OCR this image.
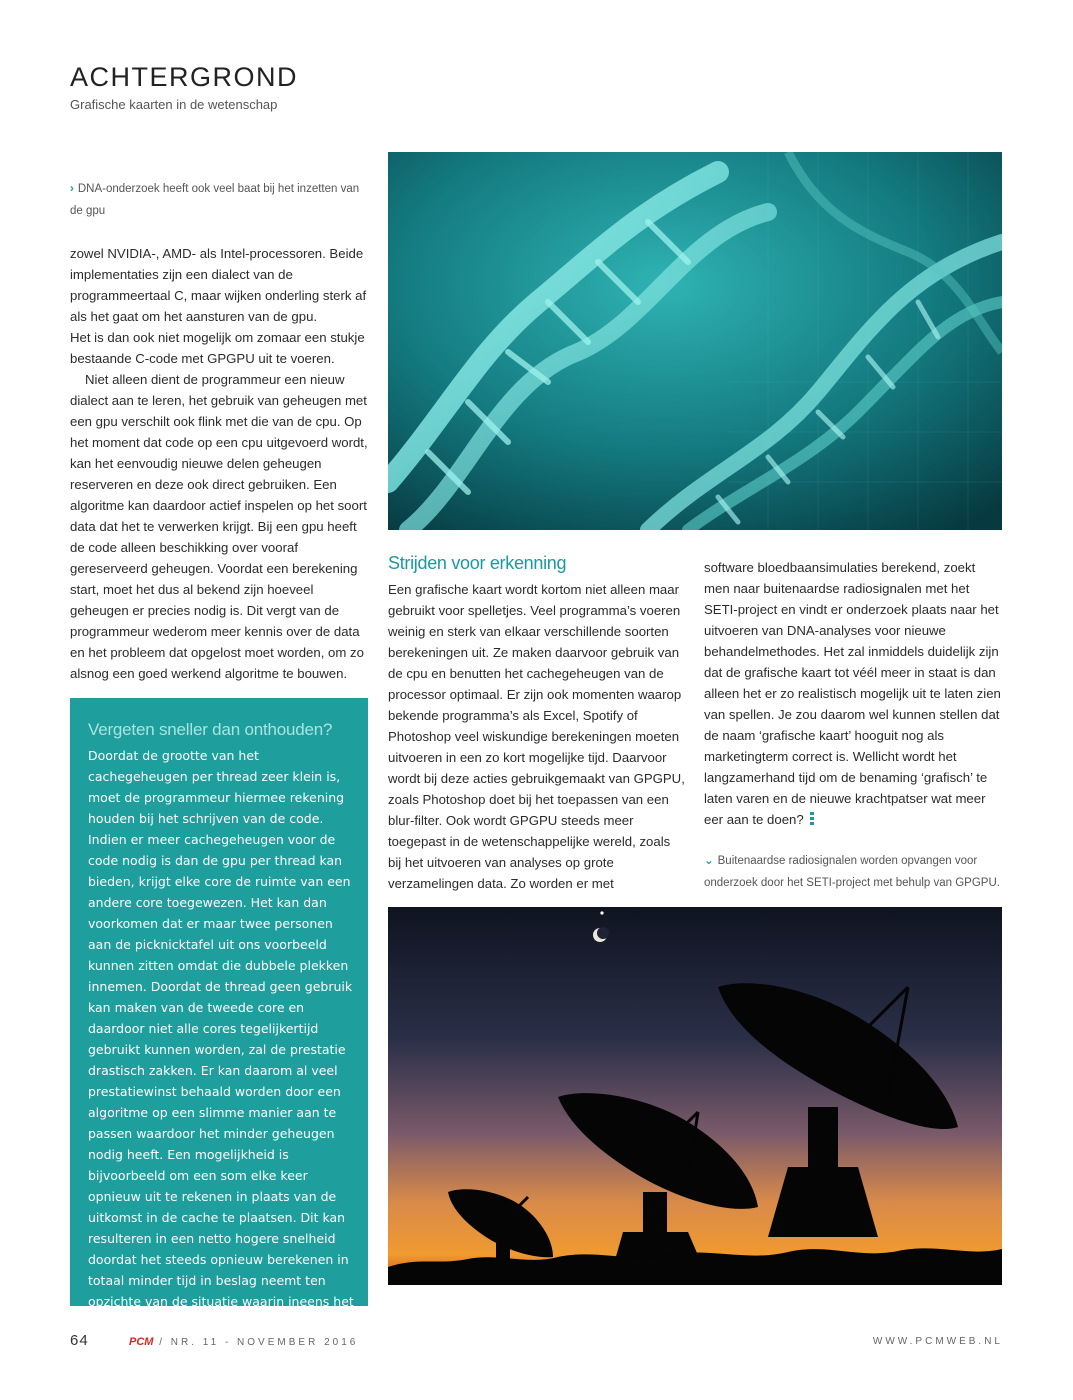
ACHTERGROND
Grafische kaarten in de wetenschap
› DNA-onderzoek heeft ook veel baat bij het inzetten van de gpu

zowel NVIDIA-, AMD- als Intel-processoren. Beide implementaties zijn een dialect van de programmeertaal C, maar wijken onderling sterk af als het gaat om het aansturen van de gpu.

Het is dan ook niet mogelijk om zomaar een stukje bestaande C-code met GPGPU uit te voeren.

Niet alleen dient de programmeur een nieuw dialect aan te leren, het gebruik van geheugen met een gpu verschilt ook flink met die van de cpu. Op het moment dat code op een cpu uitgevoerd wordt, kan het eenvoudig nieuwe delen geheugen reserveren en deze ook direct gebruiken. Een algoritme kan daardoor actief inspelen op het soort data dat het te verwerken krijgt. Bij een gpu heeft de code alleen beschikking over vooraf gereserveerd geheugen. Voordat een berekening start, moet het dus al bekend zijn hoeveel geheugen er precies nodig is. Dit vergt van de programmeur wederom meer kennis over de data en het probleem dat opgelost moet worden, om zo alsnog een goed werkend algoritme te bouwen.

Vergeten sneller dan onthouden?
Doordat de grootte van het cachegeheugen per thread zeer klein is, moet de programmeur hiermee rekening houden bij het schrijven van de code. Indien er meer cachegeheugen voor de code nodig is dan de gpu per thread kan bieden, krijgt elke core de ruimte van een andere core toegewezen. Het kan dan voorkomen dat er maar twee personen aan de picknicktafel uit ons voorbeeld kunnen zitten omdat die dubbele plekken innemen. Doordat de thread geen gebruik kan maken van de tweede core en daardoor niet alle cores tegelijkertijd gebruikt kunnen worden, zal de prestatie drastisch zakken. Er kan daarom al veel prestatiewinst behaald worden door een algoritme op een slimme manier aan te passen waardoor het minder geheugen nodig heeft. Een mogelijkheid is bijvoorbeeld om een som elke keer opnieuw uit te rekenen in plaats van de uitkomst in de cache te plaatsen. Dit kan resulteren in een netto hogere snelheid doordat het steeds opnieuw berekenen in totaal minder tijd in beslag neemt ten opzichte van de situatie waarin ineens het aantal te gebruiken cores halveert.
Strijden voor erkenning
Een grafische kaart wordt kortom niet alleen maar gebruikt voor spelletjes. Veel programma’s voeren weinig en sterk van elkaar verschillende soorten berekeningen uit. Ze maken daarvoor gebruik van de cpu en benutten het cachegeheugen van de processor optimaal. Er zijn ook momenten waarop bekende programma’s als Excel, Spotify of Photoshop veel wiskundige berekeningen moeten uitvoeren in een zo kort mogelijke tijd. Daarvoor wordt bij deze acties gebruikgemaakt van GPGPU, zoals Photoshop doet bij het toepassen van een blur-filter. Ook wordt GPGPU steeds meer toegepast in de wetenschappelijke wereld, zoals bij het uitvoeren van analyses op grote verzamelingen data. Zo worden er met
software bloedbaansimulaties berekend, zoekt men naar buitenaardse radiosignalen met het SETI-project en vindt er onderzoek plaats naar het uitvoeren van DNA-analyses voor nieuwe behandelmethodes. Het zal inmiddels duidelijk zijn dat de grafische kaart tot véél meer in staat is dan alleen het er zo realistisch mogelijk uit te laten zien van spellen. Je zou daarom wel kunnen stellen dat de naam ‘grafische kaart’ hooguit nog als marketingterm correct is. Wellicht wordt het langzamerhand tijd om de benaming ‘grafisch’ te laten varen en de nieuwe krachtpatser wat meer eer aan te doen?
⌄ Buitenaardse radiosignalen worden opvangen voor onderzoek door het SETI-project met behulp van GPGPU.
64	PCM / NR. 11 - NOVEMBER 2016	WWW.PCMWEB.NL
